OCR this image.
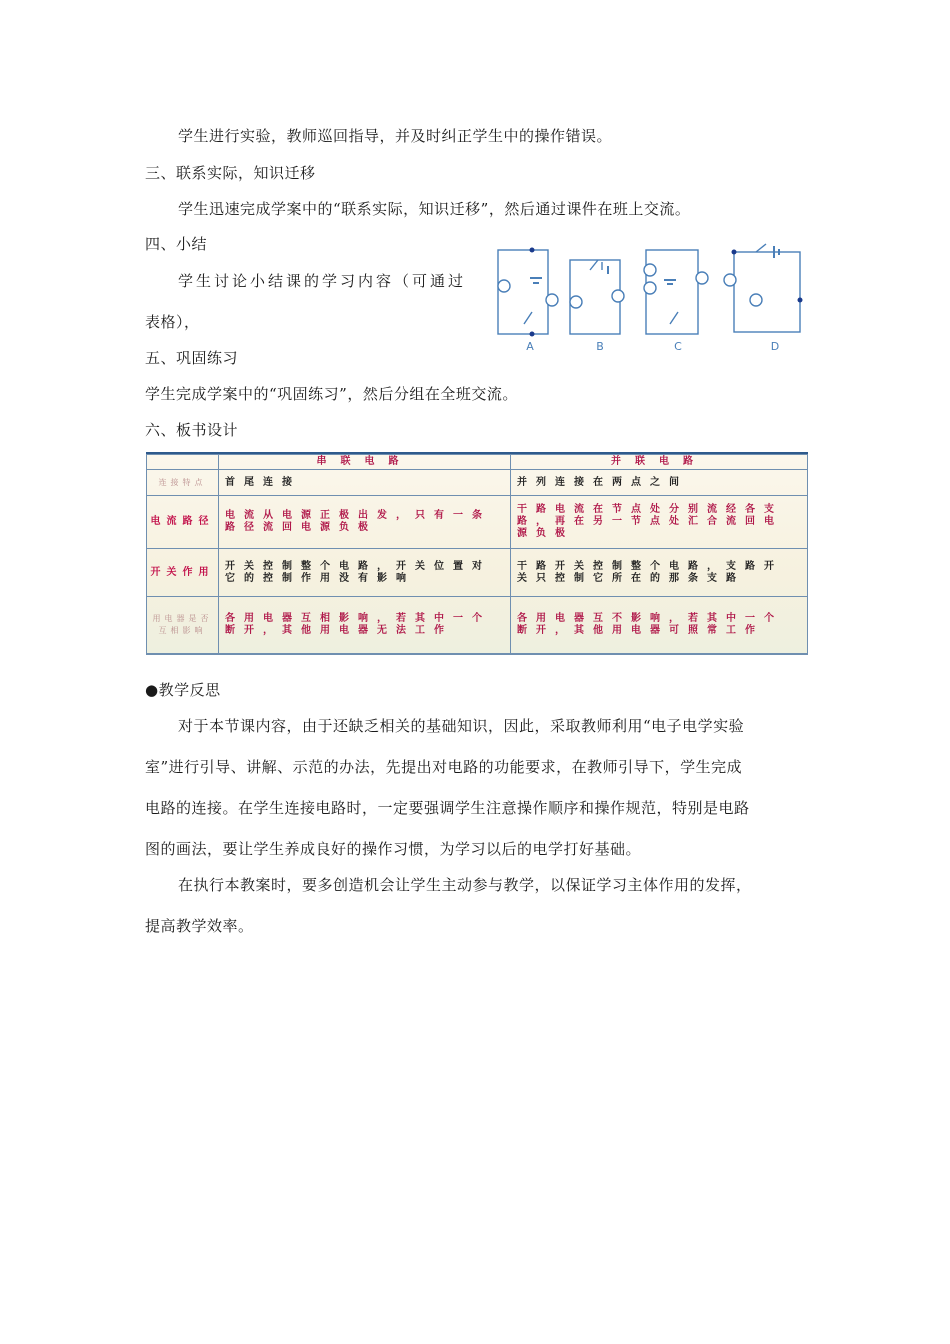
学生进行实验，教师巡回指导，并及时纠正学生中的操作错误。
三、联系实际，知识迁移
学生迅速完成学案中的“联系实际，知识迁移”，然后通过课件在班上交流。
四、小结
学生讨论小结课的学习内容（可通过
表格），
五、巩固练习
学生完成学案中的“巩固练习”，然后分组在全班交流。
六、板书设计
A	B	C	D
	串联电路	并联电路
连接特点	首尾连接	并列连接在两点之间
电流路径	电流从电源正极出发，只有一条路径流回电源负极	干路电流在节点处分别流经各支路，再在另一节点处汇合流回电源负极
开关作用	开关控制整个电路，开关位置对它的控制作用没有影响	干路开关控制整个电路，支路开关只控制它所在的那条支路
用电器是否互相影响	各用电器互相影响，若其中一个断开，其他用电器无法工作	各用电器互不影响，若其中一个断开，其他用电器可照常工作
●教学反思
对于本节课内容，由于还缺乏相关的基础知识，因此，采取教师利用“电子电学实验
室”进行引导、讲解、示范的办法，先提出对电路的功能要求，在教师引导下，学生完成
电路的连接。在学生连接电路时，一定要强调学生注意操作顺序和操作规范，特别是电路
图的画法，要让学生养成良好的操作习惯，为学习以后的电学打好基础。
在执行本教案时，要多创造机会让学生主动参与教学，以保证学习主体作用的发挥，
提高教学效率。
